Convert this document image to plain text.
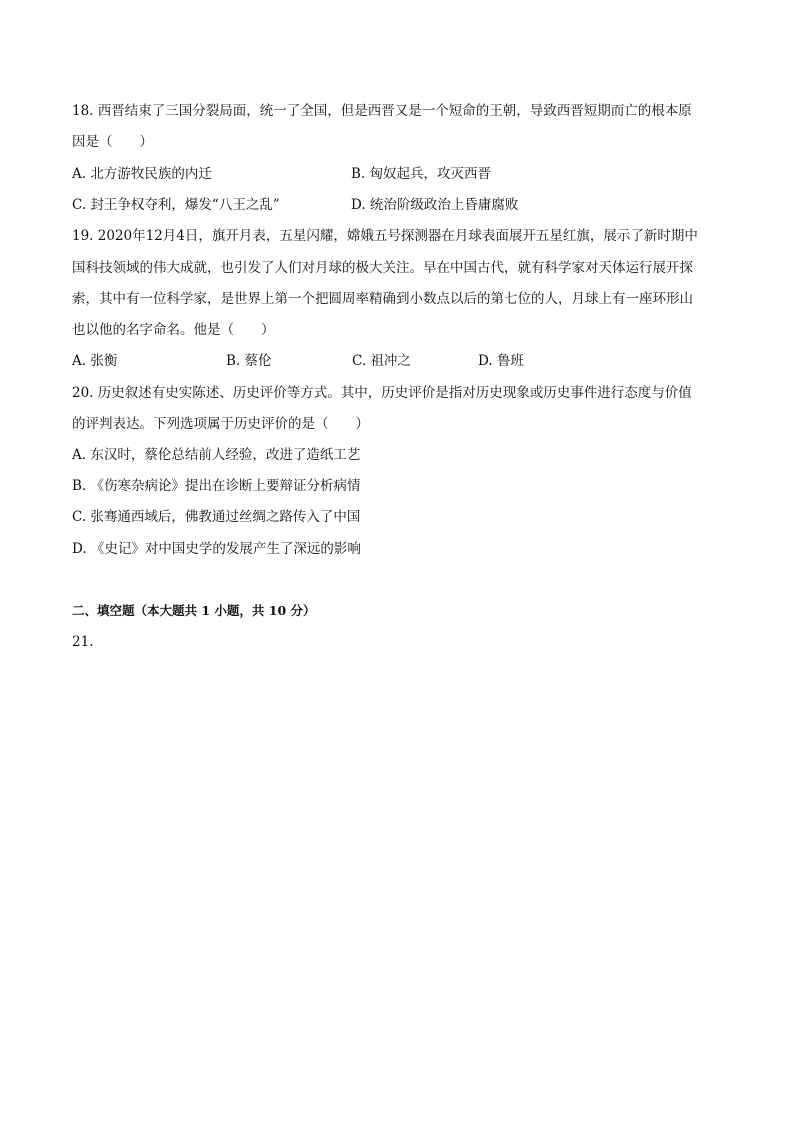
18. 西晋结束了三国分裂局面，统一了全国，但是西晋又是一个短命的王朝，导致西晋短期而亡的根本原
因是（　　）
A. 北方游牧民族的内迁	B. 匈奴起兵，攻灭西晋
C. 封王争权夺利，爆发“八王之乱”	D. 统治阶级政治上昏庸腐败
19. 2020年12月4日，旗开月表，五星闪耀，嫦娥五号探测器在月球表面展开五星红旗，展示了新时期中
国科技领域的伟大成就，也引发了人们对月球的极大关注。早在中国古代，就有科学家对天体运行展开探
索，其中有一位科学家，是世界上第一个把圆周率精确到小数点以后的第七位的人，月球上有一座环形山
也以他的名字命名。他是（　　）
A. 张衡	B. 蔡伦	C. 祖冲之	D. 鲁班
20. 历史叙述有史实陈述、历史评价等方式。其中，历史评价是指对历史现象或历史事件进行态度与价值
的评判表达。下列选项属于历史评价的是（　　）
A. 东汉时，蔡伦总结前人经验，改进了造纸工艺
B. 《伤寒杂病论》提出在诊断上要辩证分析病情
C. 张骞通西域后，佛教通过丝绸之路传入了中国
D. 《史记》对中国史学的发展产生了深远的影响
二、填空题（本大题共 1 小题，共 10 分）
21.
